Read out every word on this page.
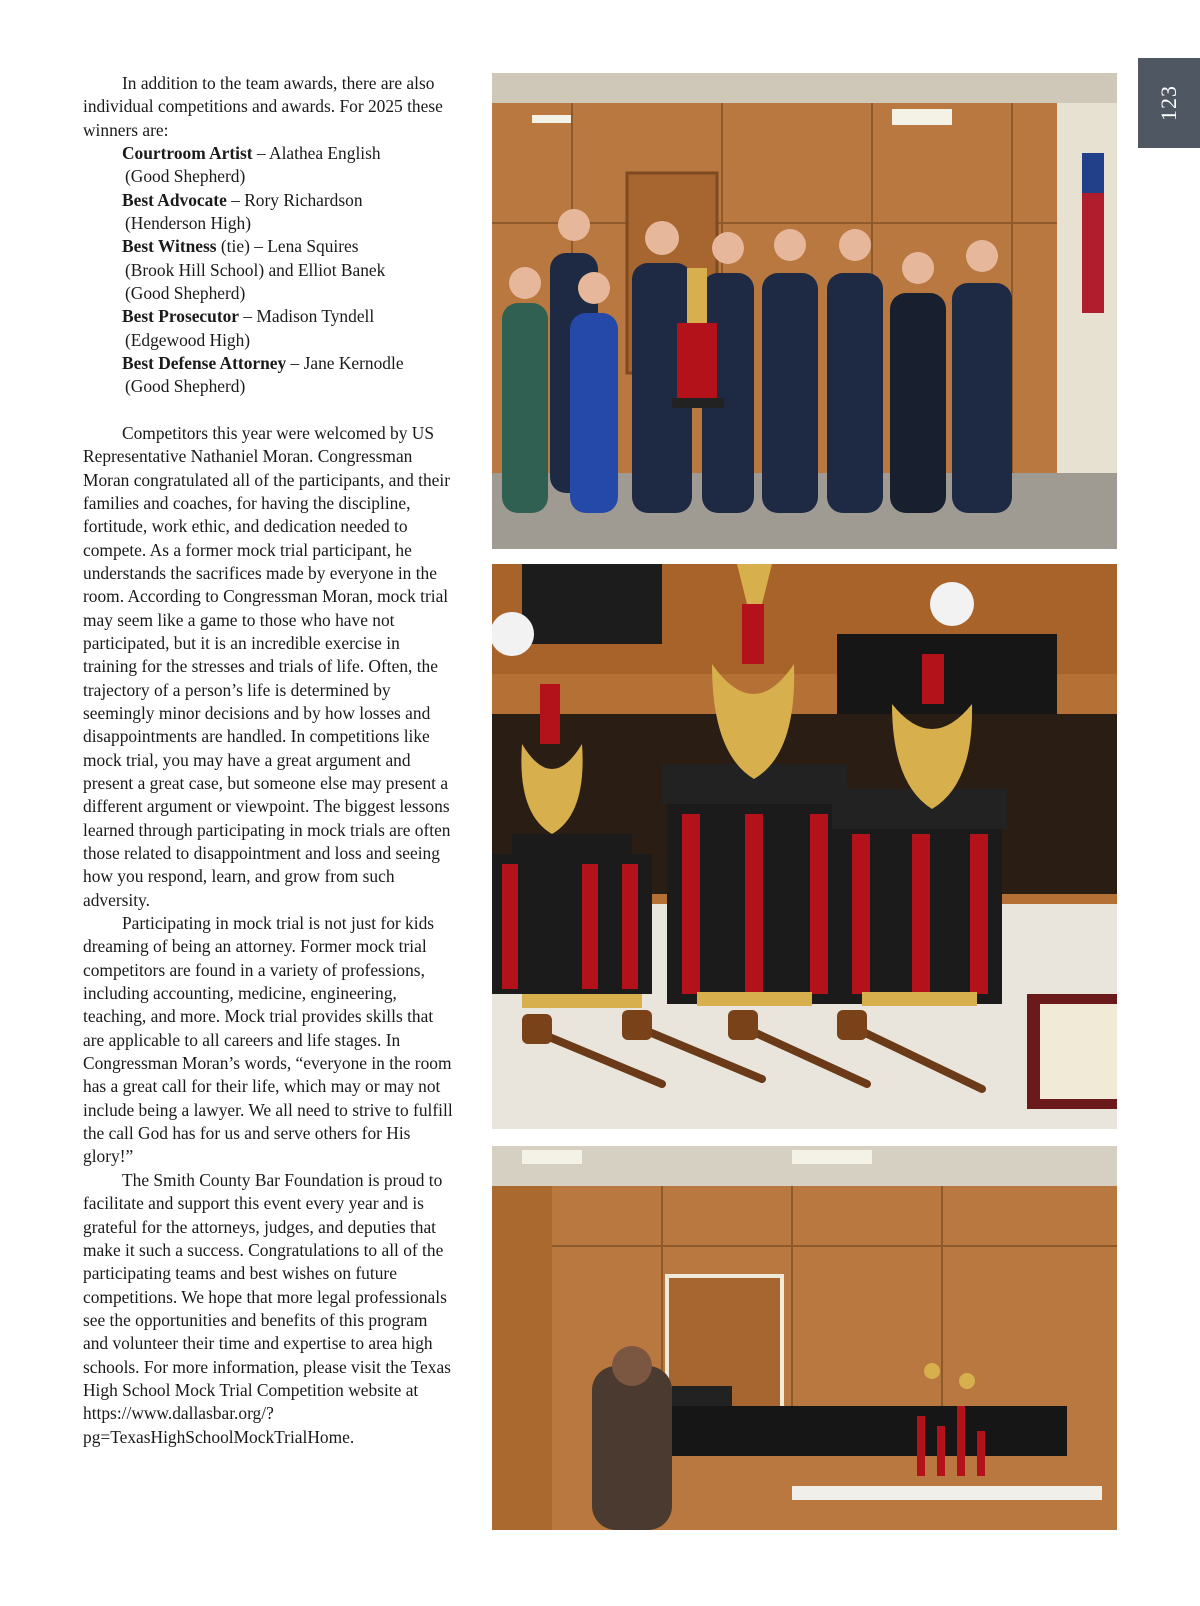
123

In addition to the team awards, there are also individual competitions and awards. For 2025 these winners are:

Courtroom Artist – Alathea English
(Good Shepherd)
Best Advocate – Rory Richardson
(Henderson High)
Best Witness (tie) – Lena Squires
(Brook Hill School) and Elliot Banek
(Good Shepherd)
Best Prosecutor – Madison Tyndell
(Edgewood High)
Best Defense Attorney – Jane Kernodle
(Good Shepherd)

Competitors this year were welcomed by US Representative Nathaniel Moran. Congressman Moran congratulated all of the participants, and their families and coaches, for having the discipline, fortitude, work ethic, and dedication needed to compete. As a former mock trial participant, he understands the sacrifices made by everyone in the room. According to Congressman Moran, mock trial may seem like a game to those who have not participated, but it is an incredible exercise in training for the stresses and trials of life. Often, the trajectory of a person’s life is determined by seemingly minor decisions and by how losses and disappointments are handled. In competitions like mock trial, you may have a great argument and present a great case, but someone else may present a different argument or viewpoint. The biggest lessons learned through participating in mock trials are often those related to disappointment and loss and seeing how you respond, learn, and grow from such adversity.

Participating in mock trial is not just for kids dreaming of being an attorney. Former mock trial competitors are found in a variety of professions, including accounting, medicine, engineering, teaching, and more. Mock trial provides skills that are applicable to all careers and life stages. In Congressman Moran’s words, “everyone in the room has a great call for their life, which may or may not include being a lawyer. We all need to strive to fulfill the call God has for us and serve others for His glory!”

The Smith County Bar Foundation is proud to facilitate and support this event every year and is grateful for the attorneys, judges, and deputies that make it such a success. Congratulations to all of the participating teams and best wishes on future competitions. We hope that more legal professionals see the opportunities and benefits of this program and volunteer their time and expertise to area high schools. For more information, please visit the Texas High School Mock Trial Competition website at https://www.dallasbar.org/?pg=TexasHighSchoolMockTrialHome.
